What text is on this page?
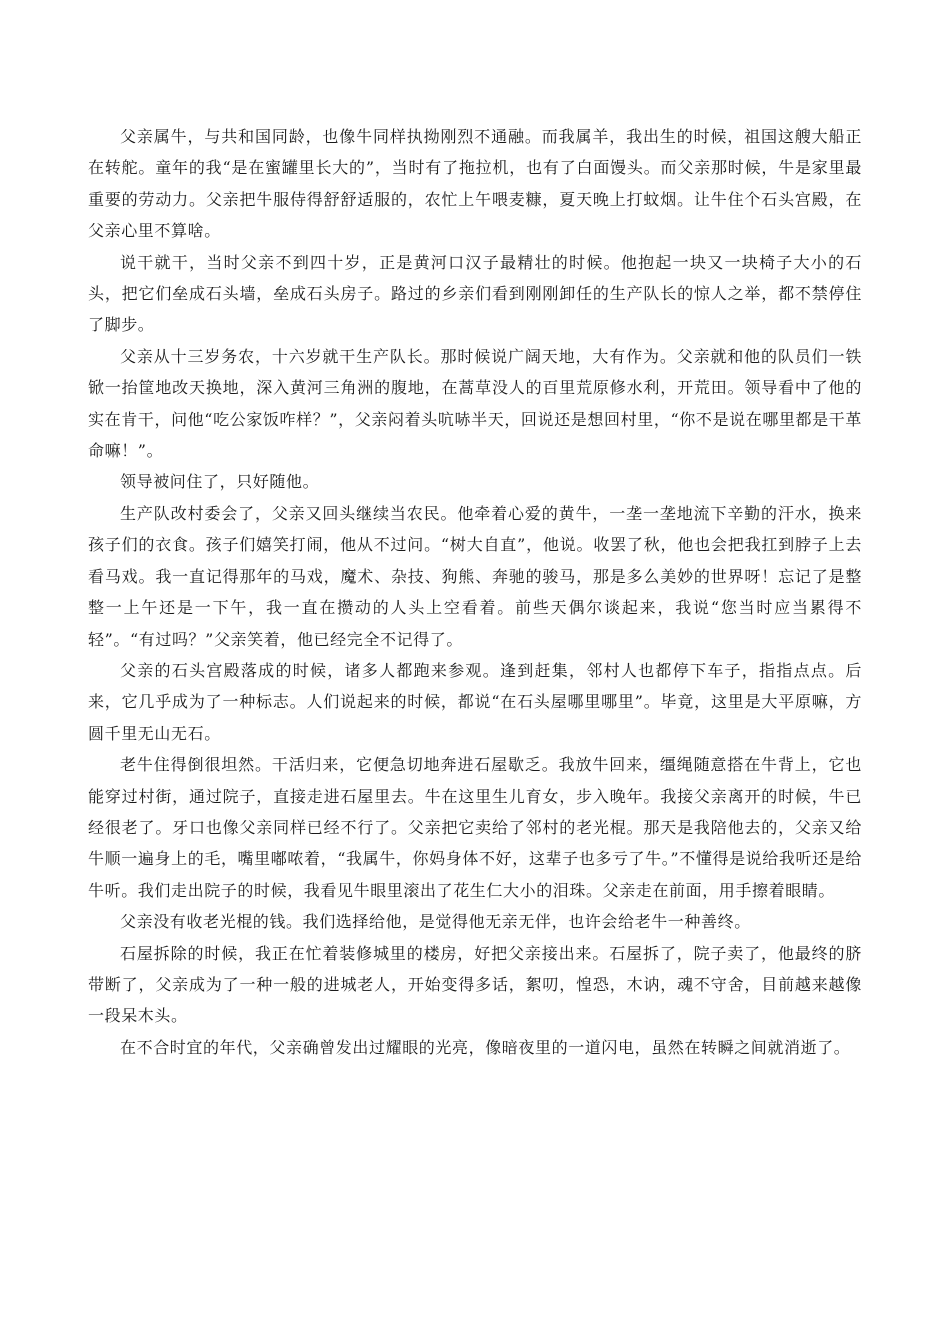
父亲属牛，与共和国同龄，也像牛同样执拗刚烈不通融。而我属羊，我出生的时候，祖国这艘大船正在转舵。童年的我“是在蜜罐里长大的”，当时有了拖拉机，也有了白面馒头。而父亲那时候，牛是家里最重要的劳动力。父亲把牛服侍得舒舒适服的，农忙上午喂麦糠，夏天晚上打蚊烟。让牛住个石头宫殿，在父亲心里不算啥。

说干就干，当时父亲不到四十岁，正是黄河口汉子最精壮的时候。他抱起一块又一块椅子大小的石头，把它们垒成石头墙，垒成石头房子。路过的乡亲们看到刚刚卸任的生产队长的惊人之举，都不禁停住了脚步。

父亲从十三岁务农，十六岁就干生产队长。那时候说广阔天地，大有作为。父亲就和他的队员们一铁锨一抬筐地改天换地，深入黄河三角洲的腹地，在蒿草没人的百里荒原修水利，开荒田。领导看中了他的实在肯干，问他“吃公家饭咋样？”，父亲闷着头吭哧半天，回说还是想回村里，“你不是说在哪里都是干革命嘛！”。

领导被问住了，只好随他。

生产队改村委会了，父亲又回头继续当农民。他牵着心爱的黄牛，一垄一垄地流下辛勤的汗水，换来孩子们的衣食。孩子们嬉笑打闹，他从不过问。“树大自直”，他说。收罢了秋，他也会把我扛到脖子上去看马戏。我一直记得那年的马戏，魔术、杂技、狗熊、奔驰的骏马，那是多么美妙的世界呀！忘记了是整整一上午还是一下午，我一直在攒动的人头上空看着。前些天偶尔谈起来，我说“您当时应当累得不轻”。“有过吗？”父亲笑着，他已经完全不记得了。

父亲的石头宫殿落成的时候，诸多人都跑来参观。逢到赶集，邻村人也都停下车子，指指点点。后来，它几乎成为了一种标志。人们说起来的时候，都说“在石头屋哪里哪里”。毕竟，这里是大平原嘛，方圆千里无山无石。

老牛住得倒很坦然。干活归来，它便急切地奔进石屋歇乏。我放牛回来，缰绳随意搭在牛背上，它也能穿过村街，通过院子，直接走进石屋里去。牛在这里生儿育女，步入晚年。我接父亲离开的时候，牛已经很老了。牙口也像父亲同样已经不行了。父亲把它卖给了邻村的老光棍。那天是我陪他去的，父亲又给牛顺一遍身上的毛，嘴里嘟哝着，“我属牛，你妈身体不好，这辈子也多亏了牛。”不懂得是说给我听还是给牛听。我们走出院子的时候，我看见牛眼里滚出了花生仁大小的泪珠。父亲走在前面，用手擦着眼睛。

父亲没有收老光棍的钱。我们选择给他，是觉得他无亲无伴，也许会给老牛一种善终。

石屋拆除的时候，我正在忙着装修城里的楼房，好把父亲接出来。石屋拆了，院子卖了，他最终的脐带断了，父亲成为了一种一般的进城老人，开始变得多话，絮叨，惶恐，木讷，魂不守舍，目前越来越像一段呆木头。

在不合时宜的年代，父亲确曾发出过耀眼的光亮，像暗夜里的一道闪电，虽然在转瞬之间就消逝了。
